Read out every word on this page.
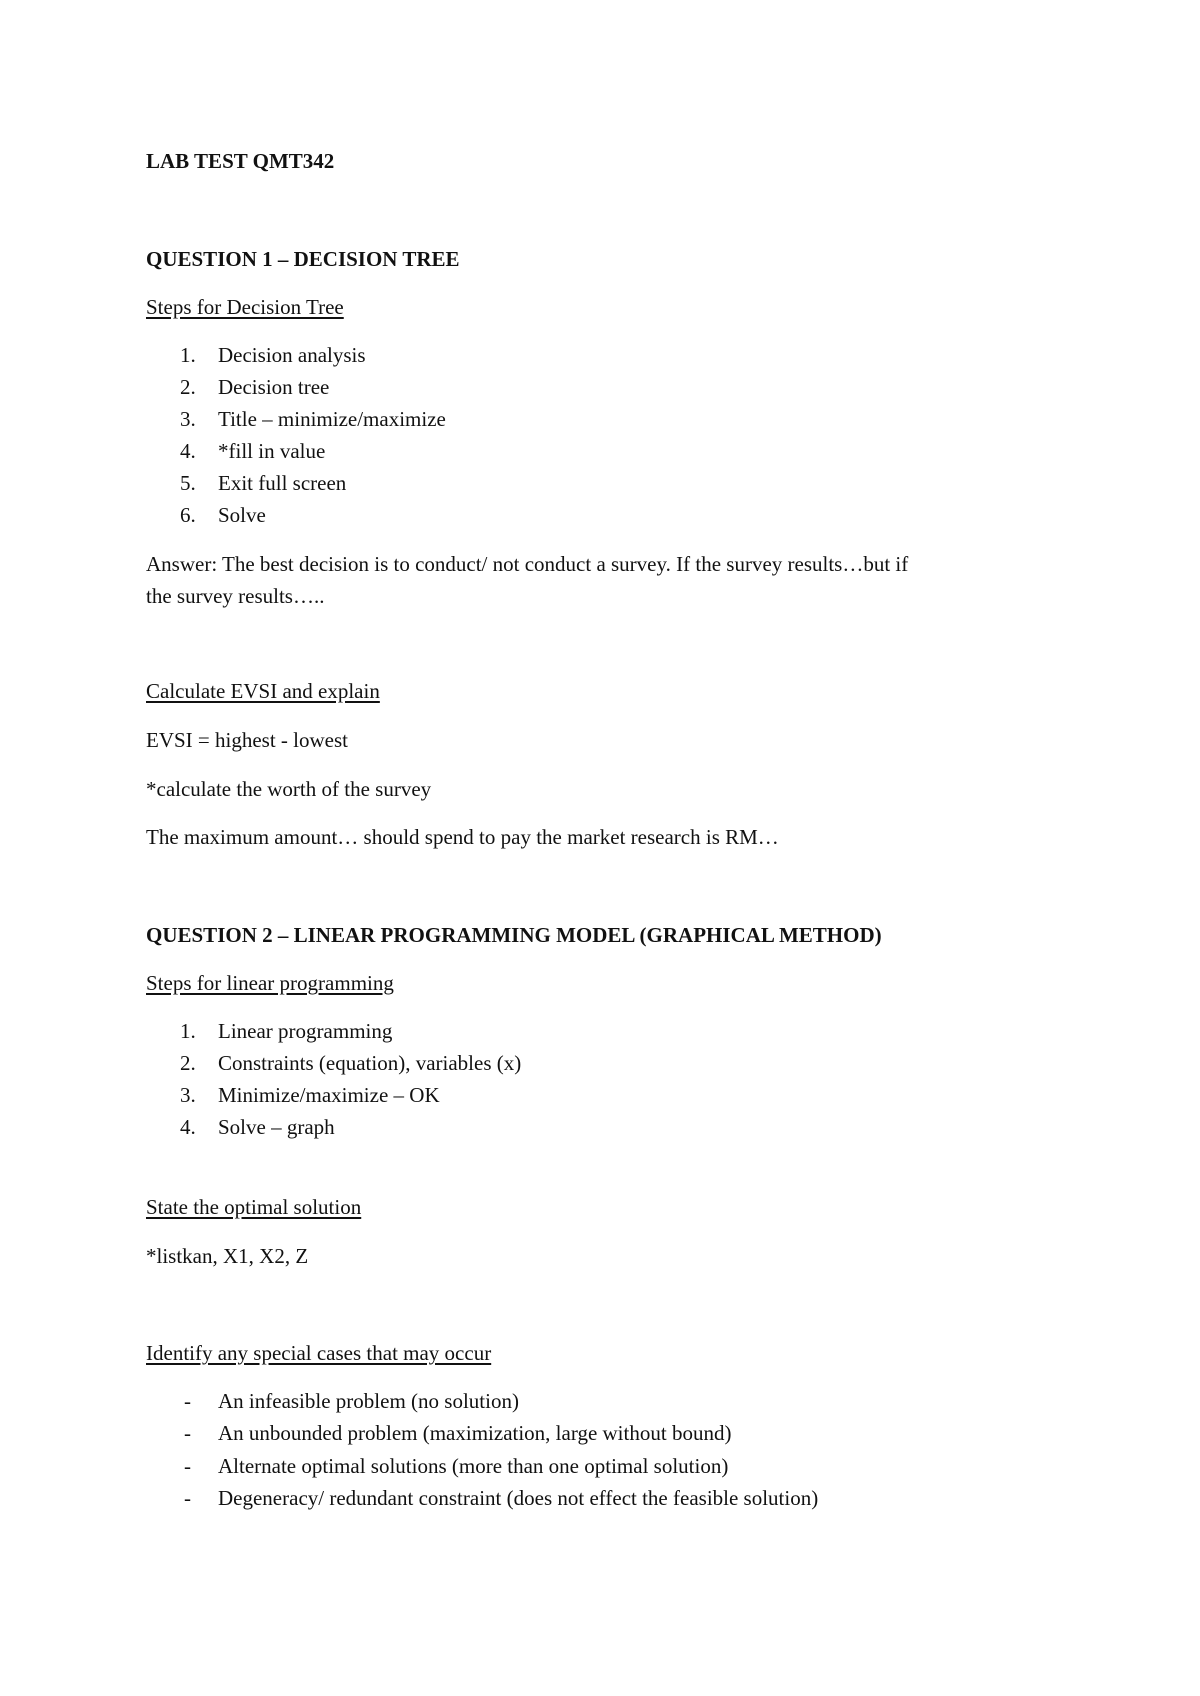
LAB TEST QMT342
QUESTION 1 – DECISION TREE
Steps for Decision Tree
1. Decision analysis
2. Decision tree
3. Title – minimize/maximize
4. *fill in value
5. Exit full screen
6. Solve
Answer: The best decision is to conduct/ not conduct a survey. If the survey results…but if
the survey results…..
Calculate EVSI and explain
EVSI = highest - lowest
*calculate the worth of the survey
The maximum amount… should spend to pay the market research is RM…
QUESTION 2 – LINEAR PROGRAMMING MODEL (GRAPHICAL METHOD)
Steps for linear programming
1. Linear programming
2. Constraints (equation), variables (x)
3. Minimize/maximize – OK
4. Solve – graph
State the optimal solution
*listkan, X1, X2, Z
Identify any special cases that may occur
- An infeasible problem (no solution)
- An unbounded problem (maximization, large without bound)
- Alternate optimal solutions (more than one optimal solution)
- Degeneracy/ redundant constraint (does not effect the feasible solution)
